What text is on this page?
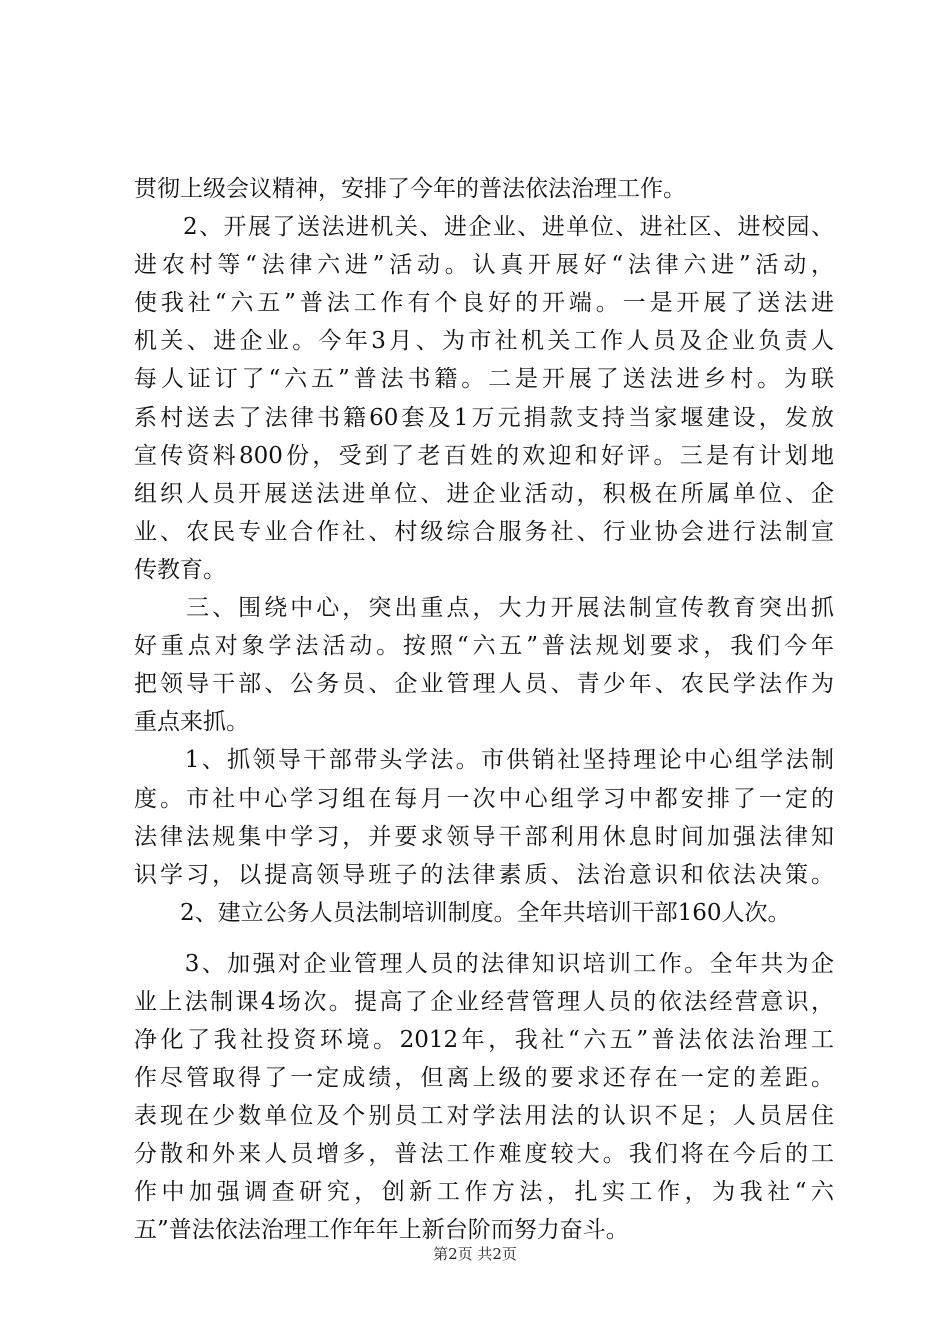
贯彻上级会议精神，安排了今年的普法依法治理工作。
　　2、开展了送法进机关、进企业、进单位、进社区、进校园、
进农村等“法律六进”活动。认真开展好“法律六进”活动，
使我社“六五”普法工作有个良好的开端。一是开展了送法进
机关、进企业。今年3月、为市社机关工作人员及企业负责人
每人证订了“六五”普法书籍。二是开展了送法进乡村。为联
系村送去了法律书籍60套及1万元捐款支持当家堰建设，发放
宣传资料800份，受到了老百姓的欢迎和好评。三是有计划地
组织人员开展送法进单位、进企业活动，积极在所属单位、企
业、农民专业合作社、村级综合服务社、行业协会进行法制宣
传教育。
　　三、围绕中心，突出重点，大力开展法制宣传教育突出抓
好重点对象学法活动。按照“六五”普法规划要求，我们今年
把领导干部、公务员、企业管理人员、青少年、农民学法作为
重点来抓。
　　1、抓领导干部带头学法。市供销社坚持理论中心组学法制
度。市社中心学习组在每月一次中心组学习中都安排了一定的
法律法规集中学习，并要求领导干部利用休息时间加强法律知
识学习，以提高领导班子的法律素质、法治意识和依法决策。
　　2、建立公务人员法制培训制度。全年共培训干部160人次。
　　3、加强对企业管理人员的法律知识培训工作。全年共为企
业上法制课4场次。提高了企业经营管理人员的依法经营意识，
净化了我社投资环境。2012年，我社“六五”普法依法治理工
作尽管取得了一定成绩，但离上级的要求还存在一定的差距。
表现在少数单位及个别员工对学法用法的认识不足；人员居住
分散和外来人员增多，普法工作难度较大。我们将在今后的工
作中加强调查研究，创新工作方法，扎实工作，为我社“六
五”普法依法治理工作年年上新台阶而努力奋斗。
第2页 共2页
